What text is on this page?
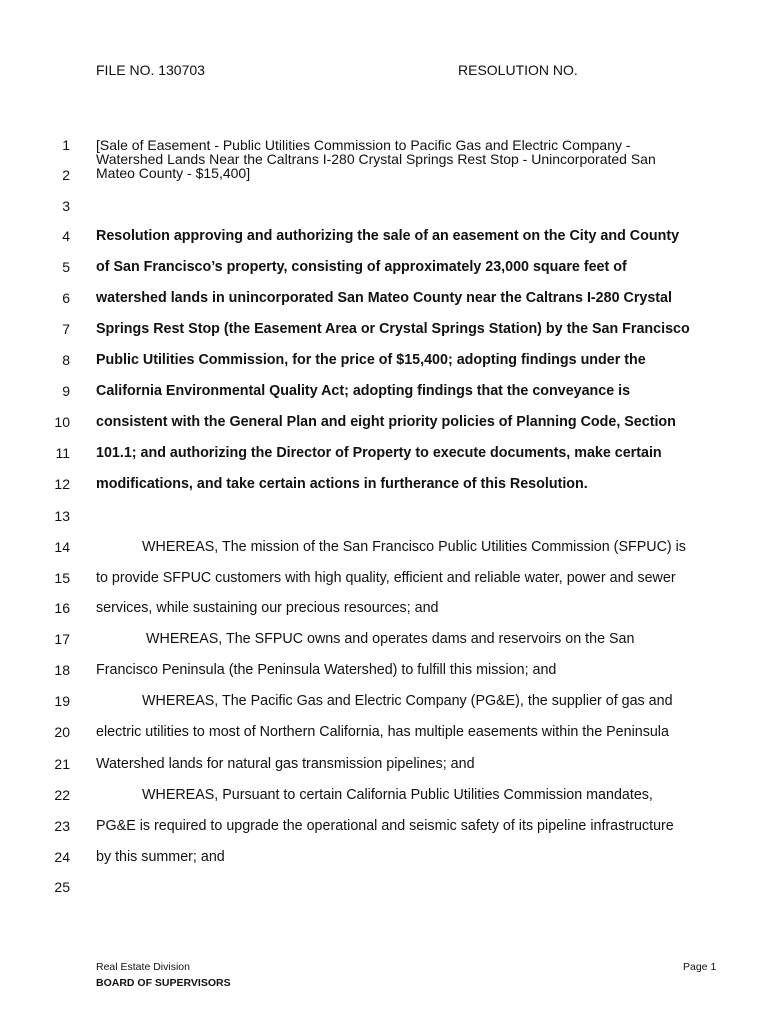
FILE NO. 130703	RESOLUTION NO.
1
2
3
4
5
6
7
8
9
10
11
12
13
14
15
16
17
18
19
20
21
22
23
24
25
[Sale of Easement - Public Utilities Commission to Pacific Gas and Electric Company -
Watershed Lands Near the Caltrans I-280 Crystal Springs Rest Stop - Unincorporated San
Mateo County - $15,400]
Resolution approving and authorizing the sale of an easement on the City and County
of San Francisco’s property, consisting of approximately 23,000 square feet of
watershed lands in unincorporated San Mateo County near the Caltrans I-280 Crystal
Springs Rest Stop (the Easement Area or Crystal Springs Station) by the San Francisco
Public Utilities Commission, for the price of $15,400; adopting findings under the
California Environmental Quality Act; adopting findings that the conveyance is
consistent with the General Plan and eight priority policies of Planning Code, Section
101.1; and authorizing the Director of Property to execute documents, make certain
modifications, and take certain actions in furtherance of this Resolution.
WHEREAS, The mission of the San Francisco Public Utilities Commission (SFPUC) is
to provide SFPUC customers with high quality, efficient and reliable water, power and sewer
services, while sustaining our precious resources; and
WHEREAS, The SFPUC owns and operates dams and reservoirs on the San
Francisco Peninsula (the Peninsula Watershed) to fulfill this mission; and
WHEREAS, The Pacific Gas and Electric Company (PG&E), the supplier of gas and
electric utilities to most of Northern California, has multiple easements within the Peninsula
Watershed lands for natural gas transmission pipelines; and
WHEREAS, Pursuant to certain California Public Utilities Commission mandates,
PG&E is required to upgrade the operational and seismic safety of its pipeline infrastructure
by this summer; and
Real Estate Division
BOARD OF SUPERVISORS
Page 1
